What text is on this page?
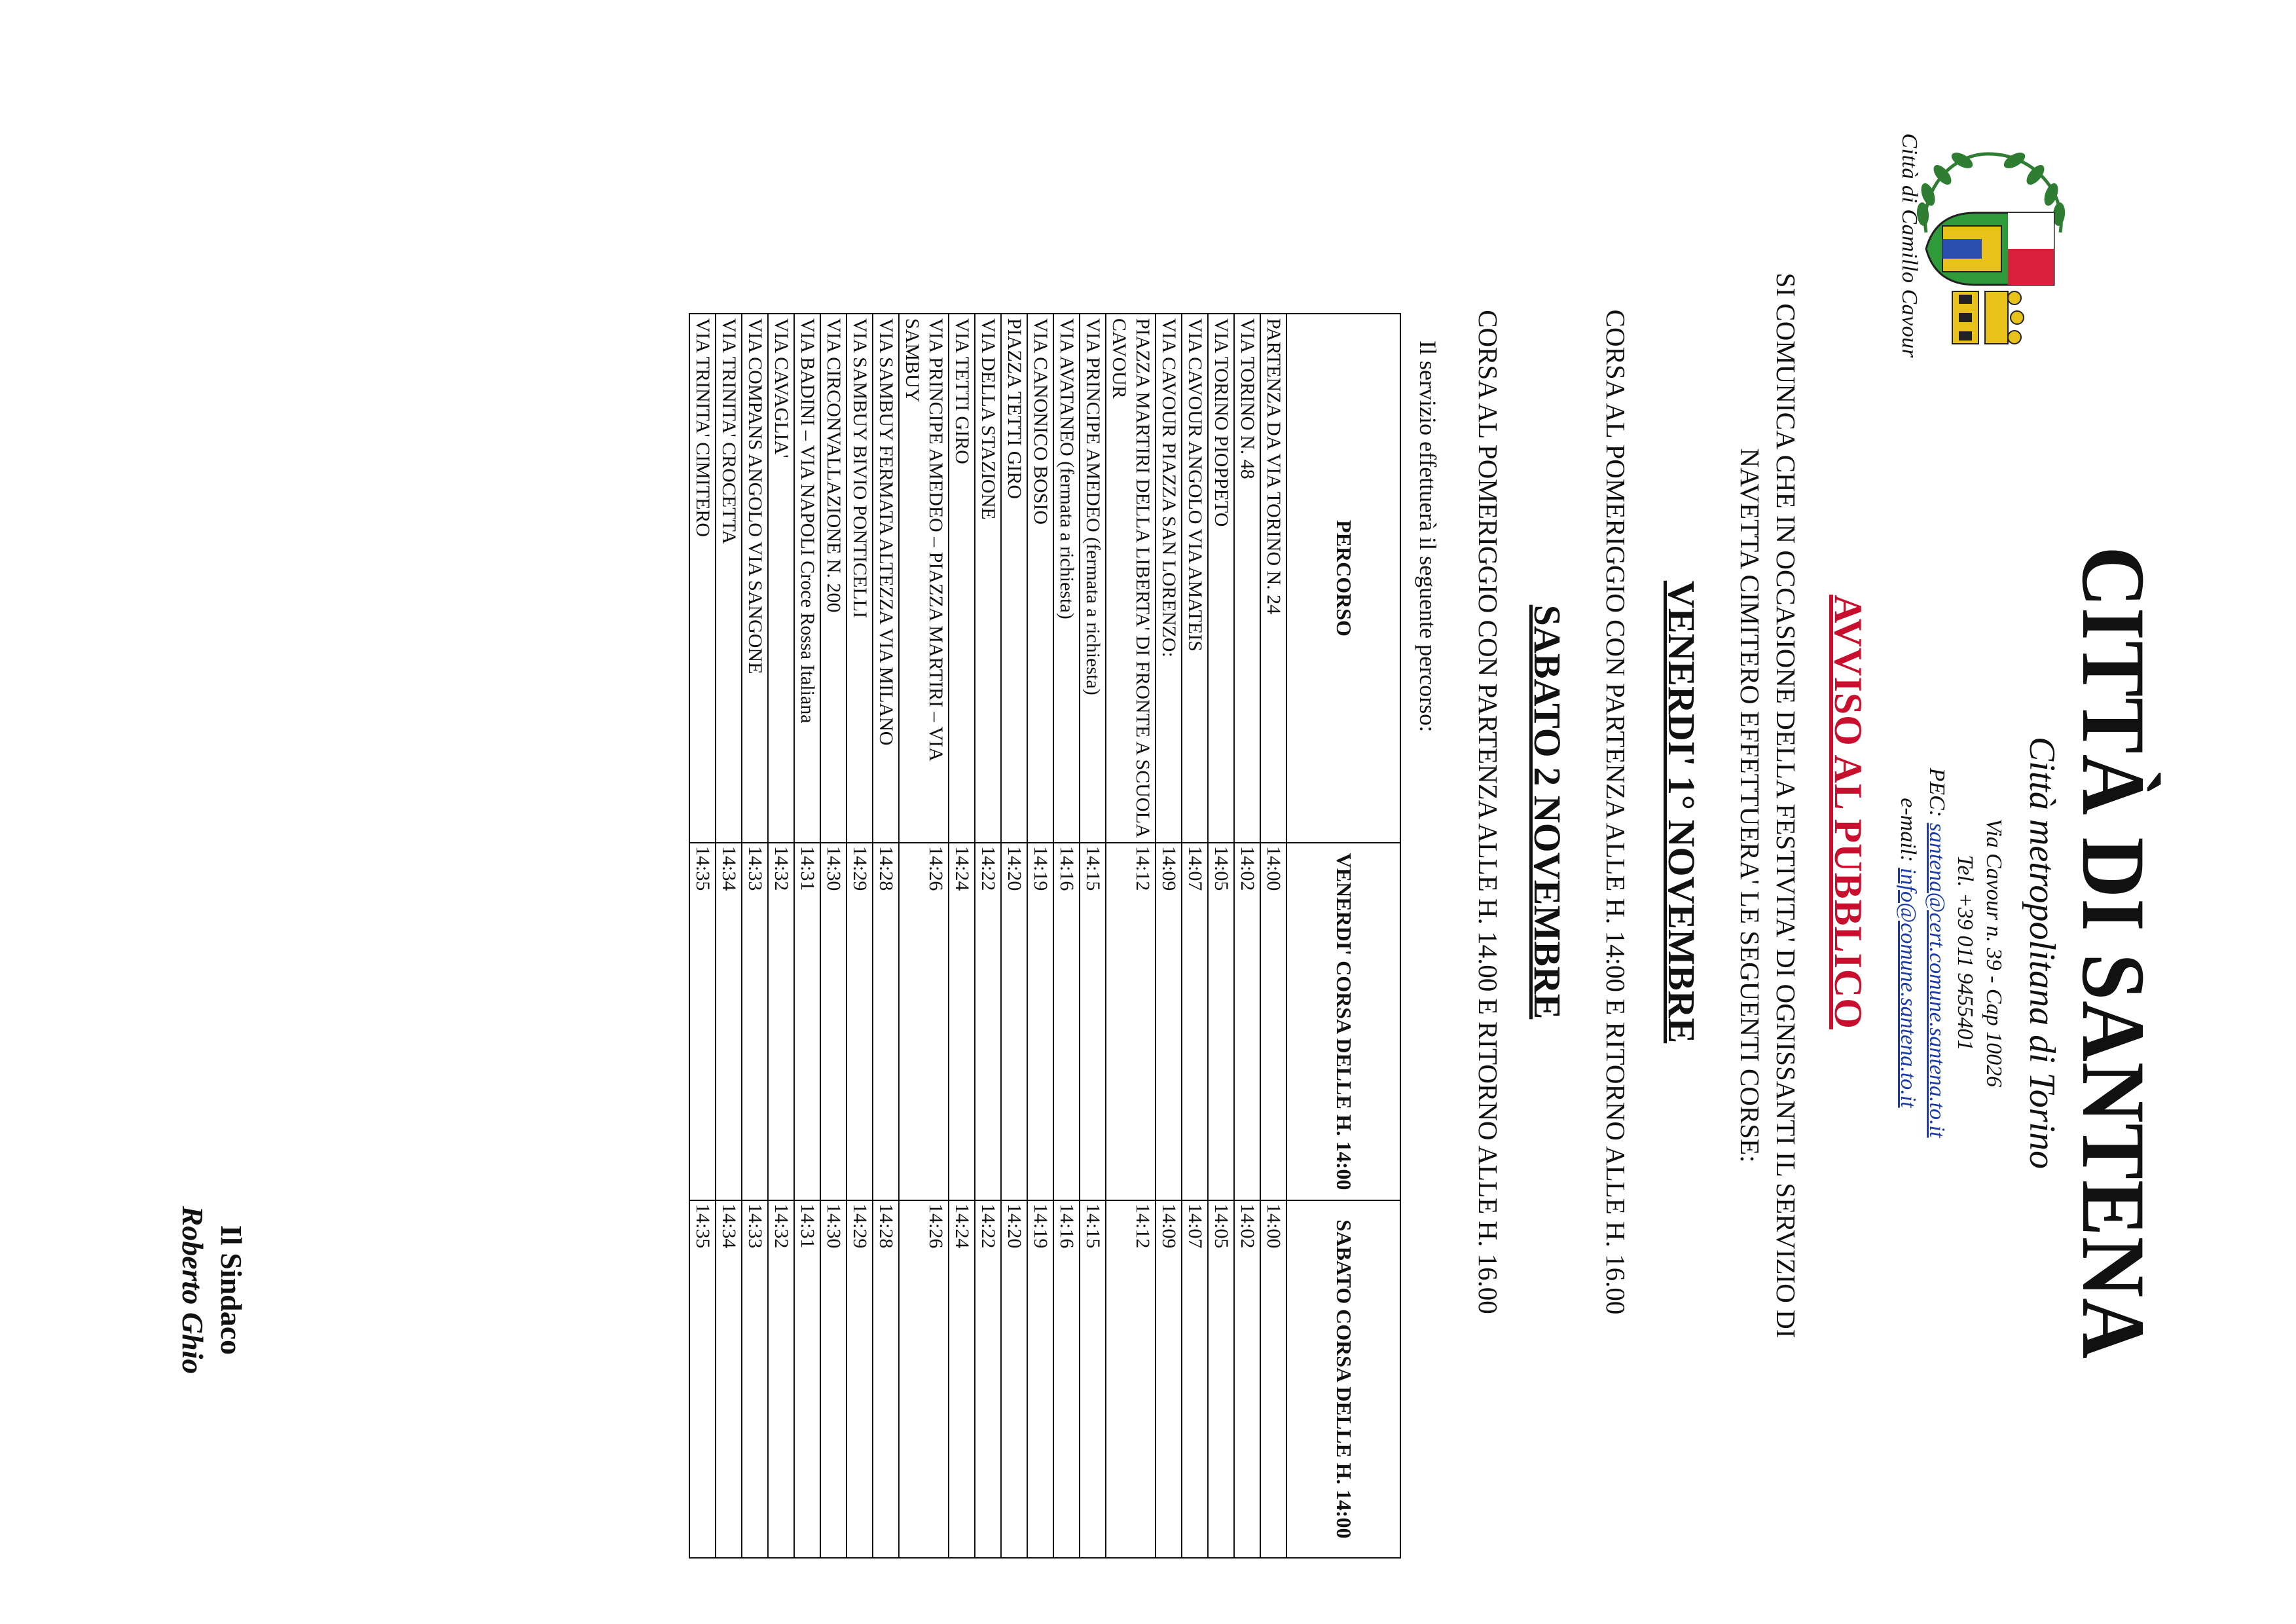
Città di Camillo Cavour
CITTÀ DI SANTENA
Città metropolitana di Torino
Via Cavour n. 39 - Cap 10026
Tel. +39 011 9455401
PEC: santena@cert.comune.santena.to.it
e-mail: info@comune.santena.to.it
AVVISO AL PUBBLICO
SI COMUNICA CHE IN OCCASIONE DELLA FESTIVITA' DI OGNISSANTI IL SERVIZIO DI NAVETTA CIMITERO EFFETTUERA' LE SEGUENTI CORSE:
VENERDI' 1° NOVEMBRE
CORSA AL POMERIGGIO CON PARTENZA ALLE H. 14:00 E RITORNO ALLE H. 16.00
SABATO 2 NOVEMBRE
CORSA AL POMERIGGIO CON PARTENZA ALLE H. 14.00 E RITORNO ALLE H. 16.00
Il servizio effettuerà il seguente percorso:
PERCORSO	VENERDI' CORSA DELLE H. 14:00	SABATO CORSA DELLE H. 14:00
PARTENZA DA VIA TORINO N. 24	14:00	14:00
VIA TORINO N. 48	14:02	14:02
VIA TORINO PIOPPETO	14:05	14:05
VIA CAVOUR ANGOLO VIA AMATEIS	14:07	14:07
VIA CAVOUR PIAZZA SAN LORENZO:	14:09	14:09
PIAZZA MARTIRI DELLA LIBERTA' DI FRONTE A SCUOLA CAVOUR	14:12	14:12
VIA PRINCIPE AMEDEO (fermata a richiesta)	14:15	14:15
VIA AVATANEO (fermata a richiesta)	14:16	14:16
VIA CANONICO BOSIO	14:19	14:19
PIAZZA TETTI GIRO	14:20	14:20
VIA DELLA STAZIONE	14:22	14:22
VIA TETTI GIRO	14:24	14:24
VIA PRINCIPE AMEDEO – PIAZZA MARTIRI – VIA SAMBUY	14:26	14:26
VIA SAMBUY FERMATA ALTEZZA VIA MILANO	14:28	14:28
VIA SAMBUY BIVIO PONTICELLI	14:29	14:29
VIA CIRCONVALLAZIONE N. 200	14:30	14:30
VIA BADINI – VIA NAPOLI Croce Rossa Italiana	14:31	14:31
VIA CAVAGLIA'	14:32	14:32
VIA COMPANS ANGOLO VIA SANGONE	14:33	14:33
VIA TRINITA' CROCETTA	14:34	14:34
VIA TRINITA' CIMITERO	14:35	14:35
Il Sindaco
Roberto Ghio
